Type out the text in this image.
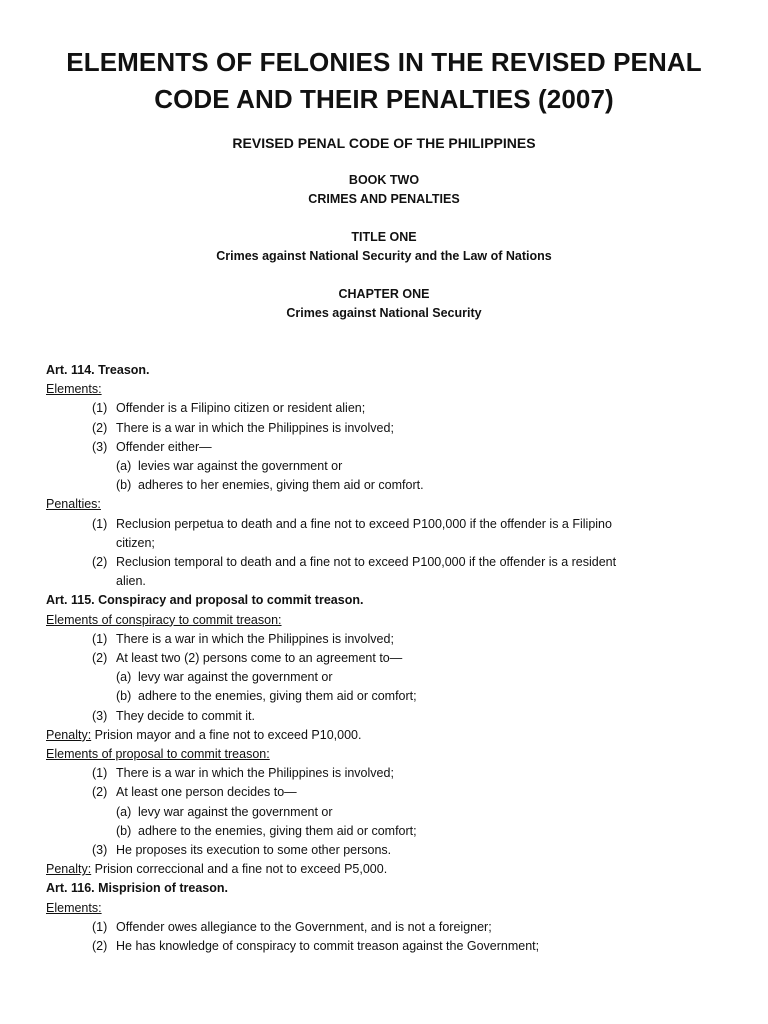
ELEMENTS OF FELONIES IN THE REVISED PENAL CODE AND THEIR PENALTIES (2007)
REVISED PENAL CODE OF THE PHILIPPINES
BOOK TWO
CRIMES AND PENALTIES
TITLE ONE
Crimes against National Security and the Law of Nations
CHAPTER ONE
Crimes against National Security
Art. 114. Treason.
Elements:
(1) Offender is a Filipino citizen or resident alien;
(2) There is a war in which the Philippines is involved;
(3) Offender either—
(a) levies war against the government or
(b) adheres to her enemies, giving them aid or comfort.
Penalties:
(1) Reclusion perpetua to death and a fine not to exceed P100,000 if the offender is a Filipino
citizen;
(2) Reclusion temporal to death and a fine not to exceed P100,000 if the offender is a resident
alien.
Art. 115. Conspiracy and proposal to commit treason.
Elements of conspiracy to commit treason:
(1) There is a war in which the Philippines is involved;
(2) At least two (2) persons come to an agreement to—
(a) levy war against the government or
(b) adhere to the enemies, giving them aid or comfort;
(3) They decide to commit it.
Penalty: Prision mayor and a fine not to exceed P10,000.
Elements of proposal to commit treason:
(1) There is a war in which the Philippines is involved;
(2) At least one person decides to—
(a) levy war against the government or
(b) adhere to the enemies, giving them aid or comfort;
(3) He proposes its execution to some other persons.
Penalty: Prision correccional and a fine not to exceed P5,000.
Art. 116. Misprision of treason.
Elements:
(1) Offender owes allegiance to the Government, and is not a foreigner;
(2) He has knowledge of conspiracy to commit treason against the Government;
